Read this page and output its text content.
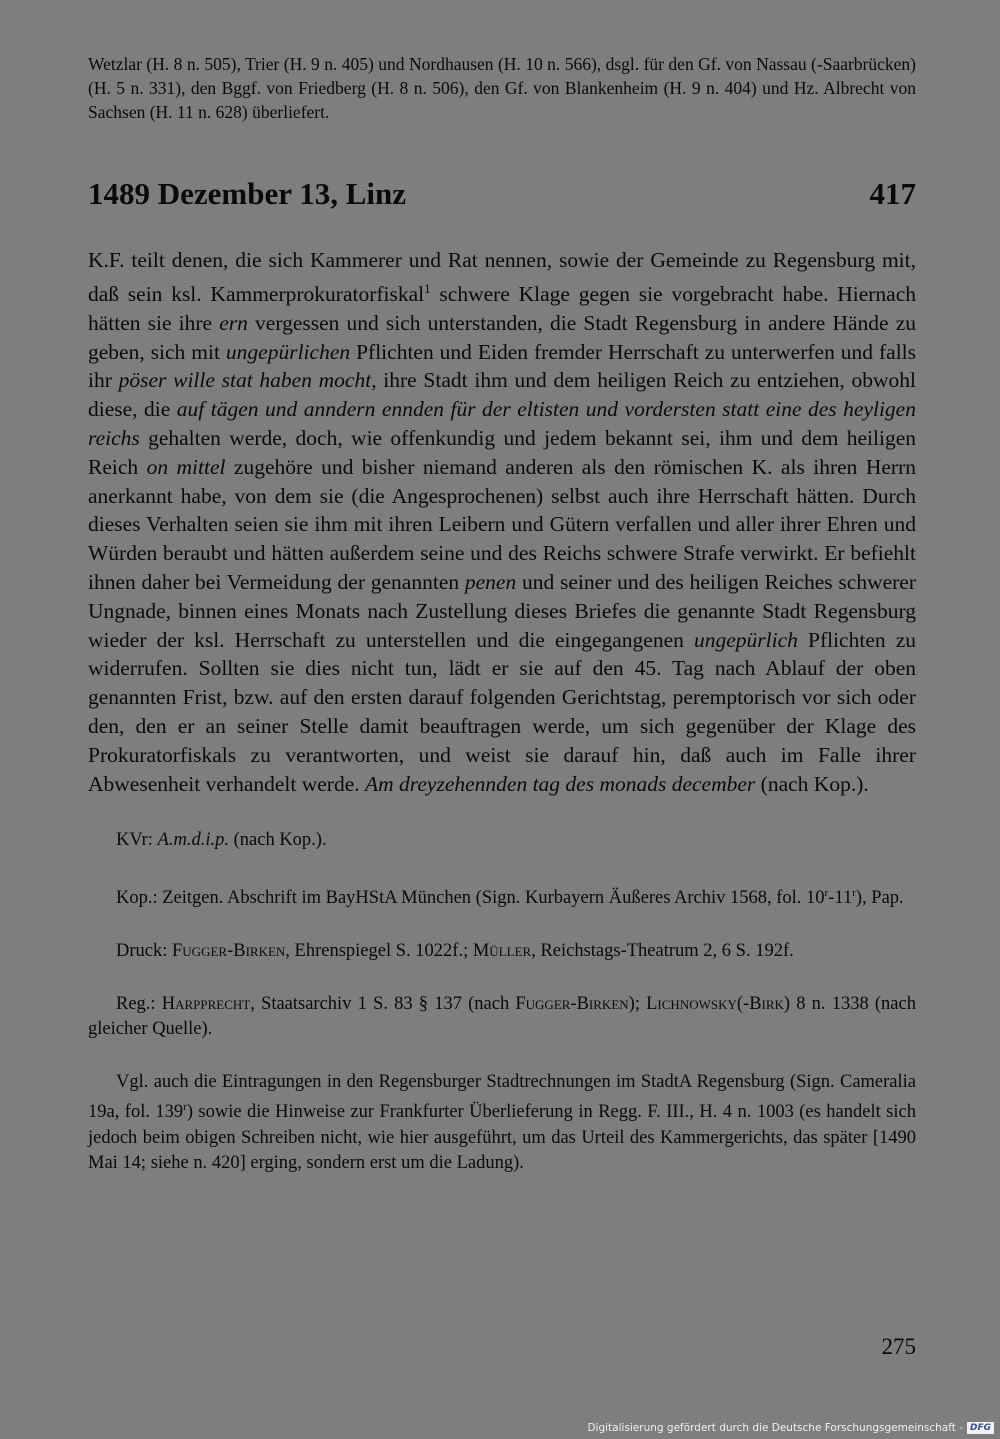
Wetzlar (H. 8 n. 505), Trier (H. 9 n. 405) und Nordhausen (H. 10 n. 566), dsgl. für den Gf. von Nassau (-Saarbrücken) (H. 5 n. 331), den Bggf. von Friedberg (H. 8 n. 506), den Gf. von Blankenheim (H. 9 n. 404) und Hz. Albrecht von Sachsen (H. 11 n. 628) überliefert.

1489 Dezember 13, Linz	417

K.F. teilt denen, die sich Kammerer und Rat nennen, sowie der Gemeinde zu Regensburg mit, daß sein ksl. Kammerprokuratorfiskal$^1$ schwere Klage gegen sie vorgebracht habe. Hiernach hätten sie ihre ern vergessen und sich unterstanden, die Stadt Regensburg in andere Hände zu geben, sich mit ungepürlichen Pflichten und Eiden fremder Herrschaft zu unterwerfen und falls ihr pöser wille stat haben mocht, ihre Stadt ihm und dem heiligen Reich zu entziehen, obwohl diese, die auf tägen und anndern ennden für der eltisten und vordersten statt eine des heyligen reichs gehalten werde, doch, wie offenkundig und jedem bekannt sei, ihm und dem heiligen Reich on mittel zugehöre und bisher niemand anderen als den römischen K. als ihren Herrn anerkannt habe, von dem sie (die Angesprochenen) selbst auch ihre Herrschaft hätten. Durch dieses Verhalten seien sie ihm mit ihren Leibern und Gütern verfallen und aller ihrer Ehren und Würden beraubt und hätten außerdem seine und des Reichs schwere Strafe verwirkt. Er befiehlt ihnen daher bei Vermeidung der genannten penen und seiner und des heiligen Reiches schwerer Ungnade, binnen eines Monats nach Zustellung dieses Briefes die genannte Stadt Regensburg wieder der ksl. Herrschaft zu unterstellen und die eingegangenen ungepürlich Pflichten zu widerrufen. Sollten sie dies nicht tun, lädt er sie auf den 45. Tag nach Ablauf der oben genannten Frist, bzw. auf den ersten darauf folgenden Gerichtstag, peremptorisch vor sich oder den, den er an seiner Stelle damit beauftragen werde, um sich gegenüber der Klage des Prokuratorfiskals zu verantworten, und weist sie darauf hin, daß auch im Falle ihrer Abwesenheit verhandelt werde. Am dreyzehennden tag des monads december (nach Kop.).

KVr: A.m.d.i.p. (nach Kop.).

Kop.: Zeitgen. Abschrift im BayHStA München (Sign. Kurbayern Äußeres Archiv 1568, fol. 10$^r$-11$^r$), Pap.

Druck: Fugger-Birken, Ehrenspiegel S. 1022f.; Müller, Reichstags-Theatrum 2, 6 S. 192f.

Reg.: Harpprecht, Staatsarchiv 1 S. 83 § 137 (nach Fugger-Birken); Lichnowsky(-Birk) 8 n. 1338 (nach gleicher Quelle).

Vgl. auch die Eintragungen in den Regensburger Stadtrechnungen im StadtA Regensburg (Sign. Cameralia 19a, fol. 139$^r$) sowie die Hinweise zur Frankfurter Überlieferung in Regg. F. III., H. 4 n. 1003 (es handelt sich jedoch beim obigen Schreiben nicht, wie hier ausgeführt, um das Urteil des Kammergerichts, das später [1490 Mai 14; siehe n. 420] erging, sondern erst um die Ladung).

275
Digitalisierung gefördert durch die Deutsche Forschungsgemeinschaft - DFG
